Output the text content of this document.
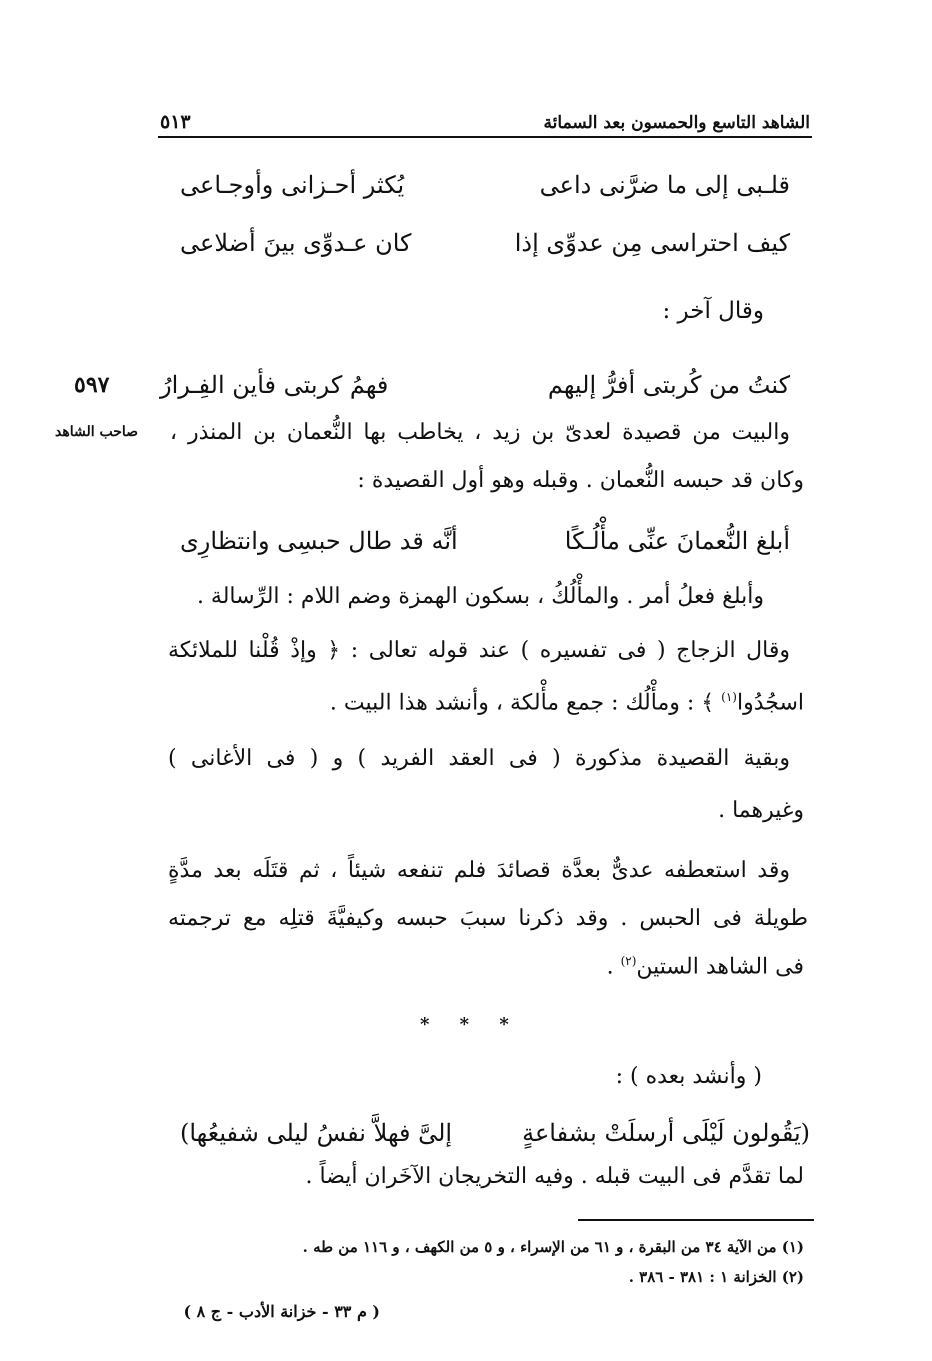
٥١٣	الشاهد التاسع والحمسون بعد السمائة
قلـبى إلى ما ضرَّنى داعى
يُكثر أحـزانى وأوجـاعى
كيف احتراسى مِن عدوِّى إذا
كان عـدوِّى بينَ أضلاعى
وقال آخر :
كنتُ من كُربتى أفرُّ إليهم
فهمُ كربتى فأين الفِـرارُ
٥٩٧
صاحب الشاهد والبيت من قصيدة لعدىّ بن زيد ، يخاطب بها النُّعمان بن المنذر ،
وكان قد حبسه النُّعمان . وقبله وهو أول القصيدة :
أبلغ النُّعمانَ عنِّى مأْلُـكًا
أنَّه قد طال حبسِى وانتظارِى
وأبلغ فعلُ أمر . والمأْلُكُ ، بسكون الهمزة وضم اللام : الرِّسالة .
وقال الزجاج ( فى تفسيره ) عند قوله تعالى : ﴿ وإذْ قُلْنا للملائكة
اسجُدُوا$^{(١)}$ ﴾ : ومأْلُك : جمع مأْلكة ، وأنشد هذا البيت .
وبقية القصيدة مذكورة ( فى العقد الفريد ) و ( فى الأغانى )
وغيرهما .
وقد استعطفه عدىٌّ بعدَّة قصائدَ فلم تنفعه شيئاً ، ثم قتَلَه بعد مدَّةٍ
طويلة فى الحبس . وقد ذكرنا سببَ حبسه وكيفيَّةَ قتلِه مع ترجمته
فى الشاهد الستين$^{(٢)}$ .
* * *
( وأنشد بعده ) :
(يَقُولون لَيْلَى أرسلَتْ بشفاعةٍ
إلىَّ فهلاَّ نفسُ ليلى شفيعُها)
لما تقدَّم فى البيت قبله . وفيه التخريجان الآخَران أيضاً .
(١) من الآية ٣٤ من البقرة ، و ٦١ من الإسراء ، و ٥ من الكهف ، و ١١٦ من طه .
(٢) الخزانة ١ : ٣٨١ - ٣٨٦ .
( م ٣٣ - خزانة الأدب - ج ٨ )
